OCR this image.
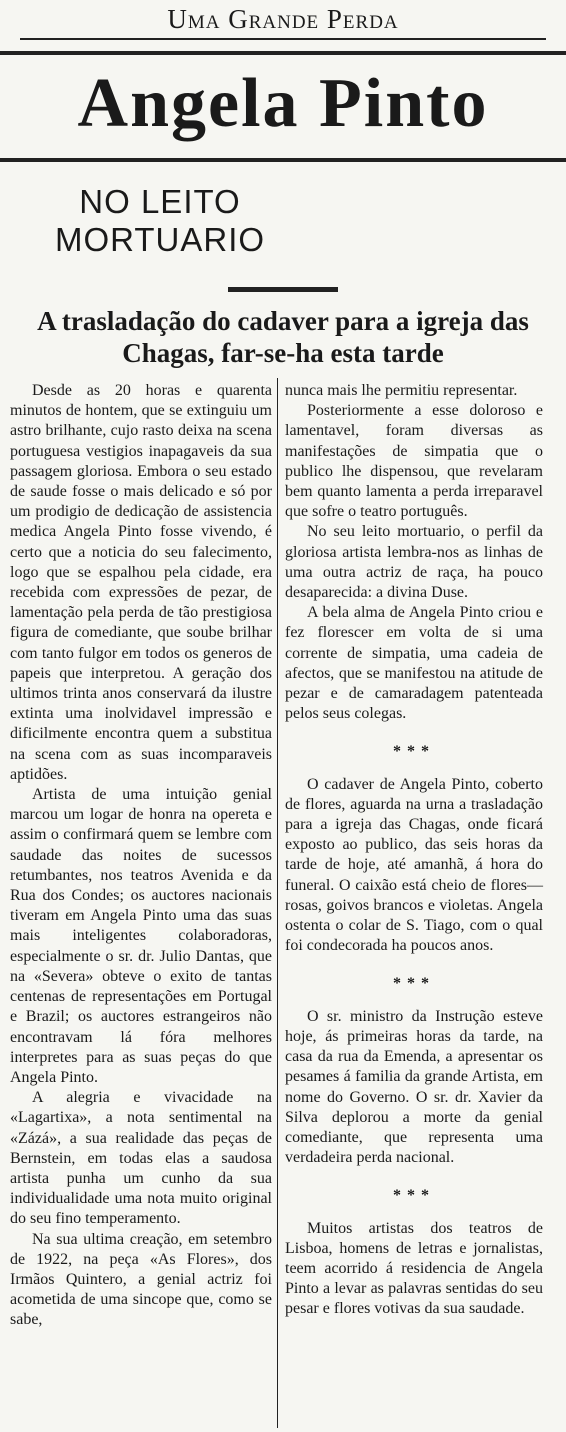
Uma Grande Perda
Angela Pinto
NO LEITO
MORTUARIO
A trasladação do cadaver para a igreja das
Chagas, far-se-ha esta tarde

Desde as 20 horas e quarenta minutos de hontem, que se extinguiu um astro brilhante, cujo rasto deixa na scena portuguesa vestigios inapagaveis da sua passagem gloriosa. Embora o seu estado de saude fosse o mais delicado e só por um prodigio de dedicação de assistencia medica Angela Pinto fosse vivendo, é certo que a noticia do seu falecimento, logo que se espalhou pela cidade, era recebida com expressões de pezar, de lamentação pela perda de tão prestigiosa figura de comediante, que soube brilhar com tanto fulgor em todos os generos de papeis que interpretou. A geração dos ultimos trinta anos conservará da ilustre extinta uma inolvidavel impressão e dificilmente encontra quem a substitua na scena com as suas incomparaveis aptidões.

Artista de uma intuição genial marcou um logar de honra na opereta e assim o confirmará quem se lembre com saudade das noites de sucessos retumbantes, nos teatros Avenida e da Rua dos Condes; os auctores nacionais tiveram em Angela Pinto uma das suas mais inteligentes colaboradoras, especialmente o sr. dr. Julio Dantas, que na «Severa» obteve o exito de tantas centenas de representações em Portugal e Brazil; os auctores estrangeiros não encontravam lá fóra melhores interpretes para as suas peças do que Angela Pinto.

A alegria e vivacidade na «Lagartixa», a nota sentimental na «Zázá», a sua realidade das peças de Bernstein, em todas elas a saudosa artista punha um cunho da sua individualidade uma nota muito original do seu fino temperamento.

Na sua ultima creação, em setembro de 1922, na peça «As Flores», dos Irmãos Quintero, a genial actriz foi acometida de uma sincope que, como se sabe,

nunca mais lhe permitiu representar.

Posteriormente a esse doloroso e lamentavel, foram diversas as manifestações de simpatia que o publico lhe dispensou, que revelaram bem quanto lamenta a perda irreparavel que sofre o teatro português.

No seu leito mortuario, o perfil da gloriosa artista lembra-nos as linhas de uma outra actriz de raça, ha pouco desaparecida: a divina Duse.

A bela alma de Angela Pinto criou e fez florescer em volta de si uma corrente de simpatia, uma cadeia de afectos, que se manifestou na atitude de pezar e de camaradagem patenteada pelos seus colegas.

***

O cadaver de Angela Pinto, coberto de flores, aguarda na urna a trasladação para a igreja das Chagas, onde ficará exposto ao publico, das seis horas da tarde de hoje, até amanhã, á hora do funeral. O caixão está cheio de flores—rosas, goivos brancos e violetas. Angela ostenta o colar de S. Tiago, com o qual foi condecorada ha poucos anos.

***

O sr. ministro da Instrução esteve hoje, ás primeiras horas da tarde, na casa da rua da Emenda, a apresentar os pesames á familia da grande Artista, em nome do Governo. O sr. dr. Xavier da Silva deplorou a morte da genial comediante, que representa uma verdadeira perda nacional.

***

Muitos artistas dos teatros de Lisboa, homens de letras e jornalistas, teem acorrido á residencia de Angela Pinto a levar as palavras sentidas do seu pesar e flores votivas da sua saudade.
